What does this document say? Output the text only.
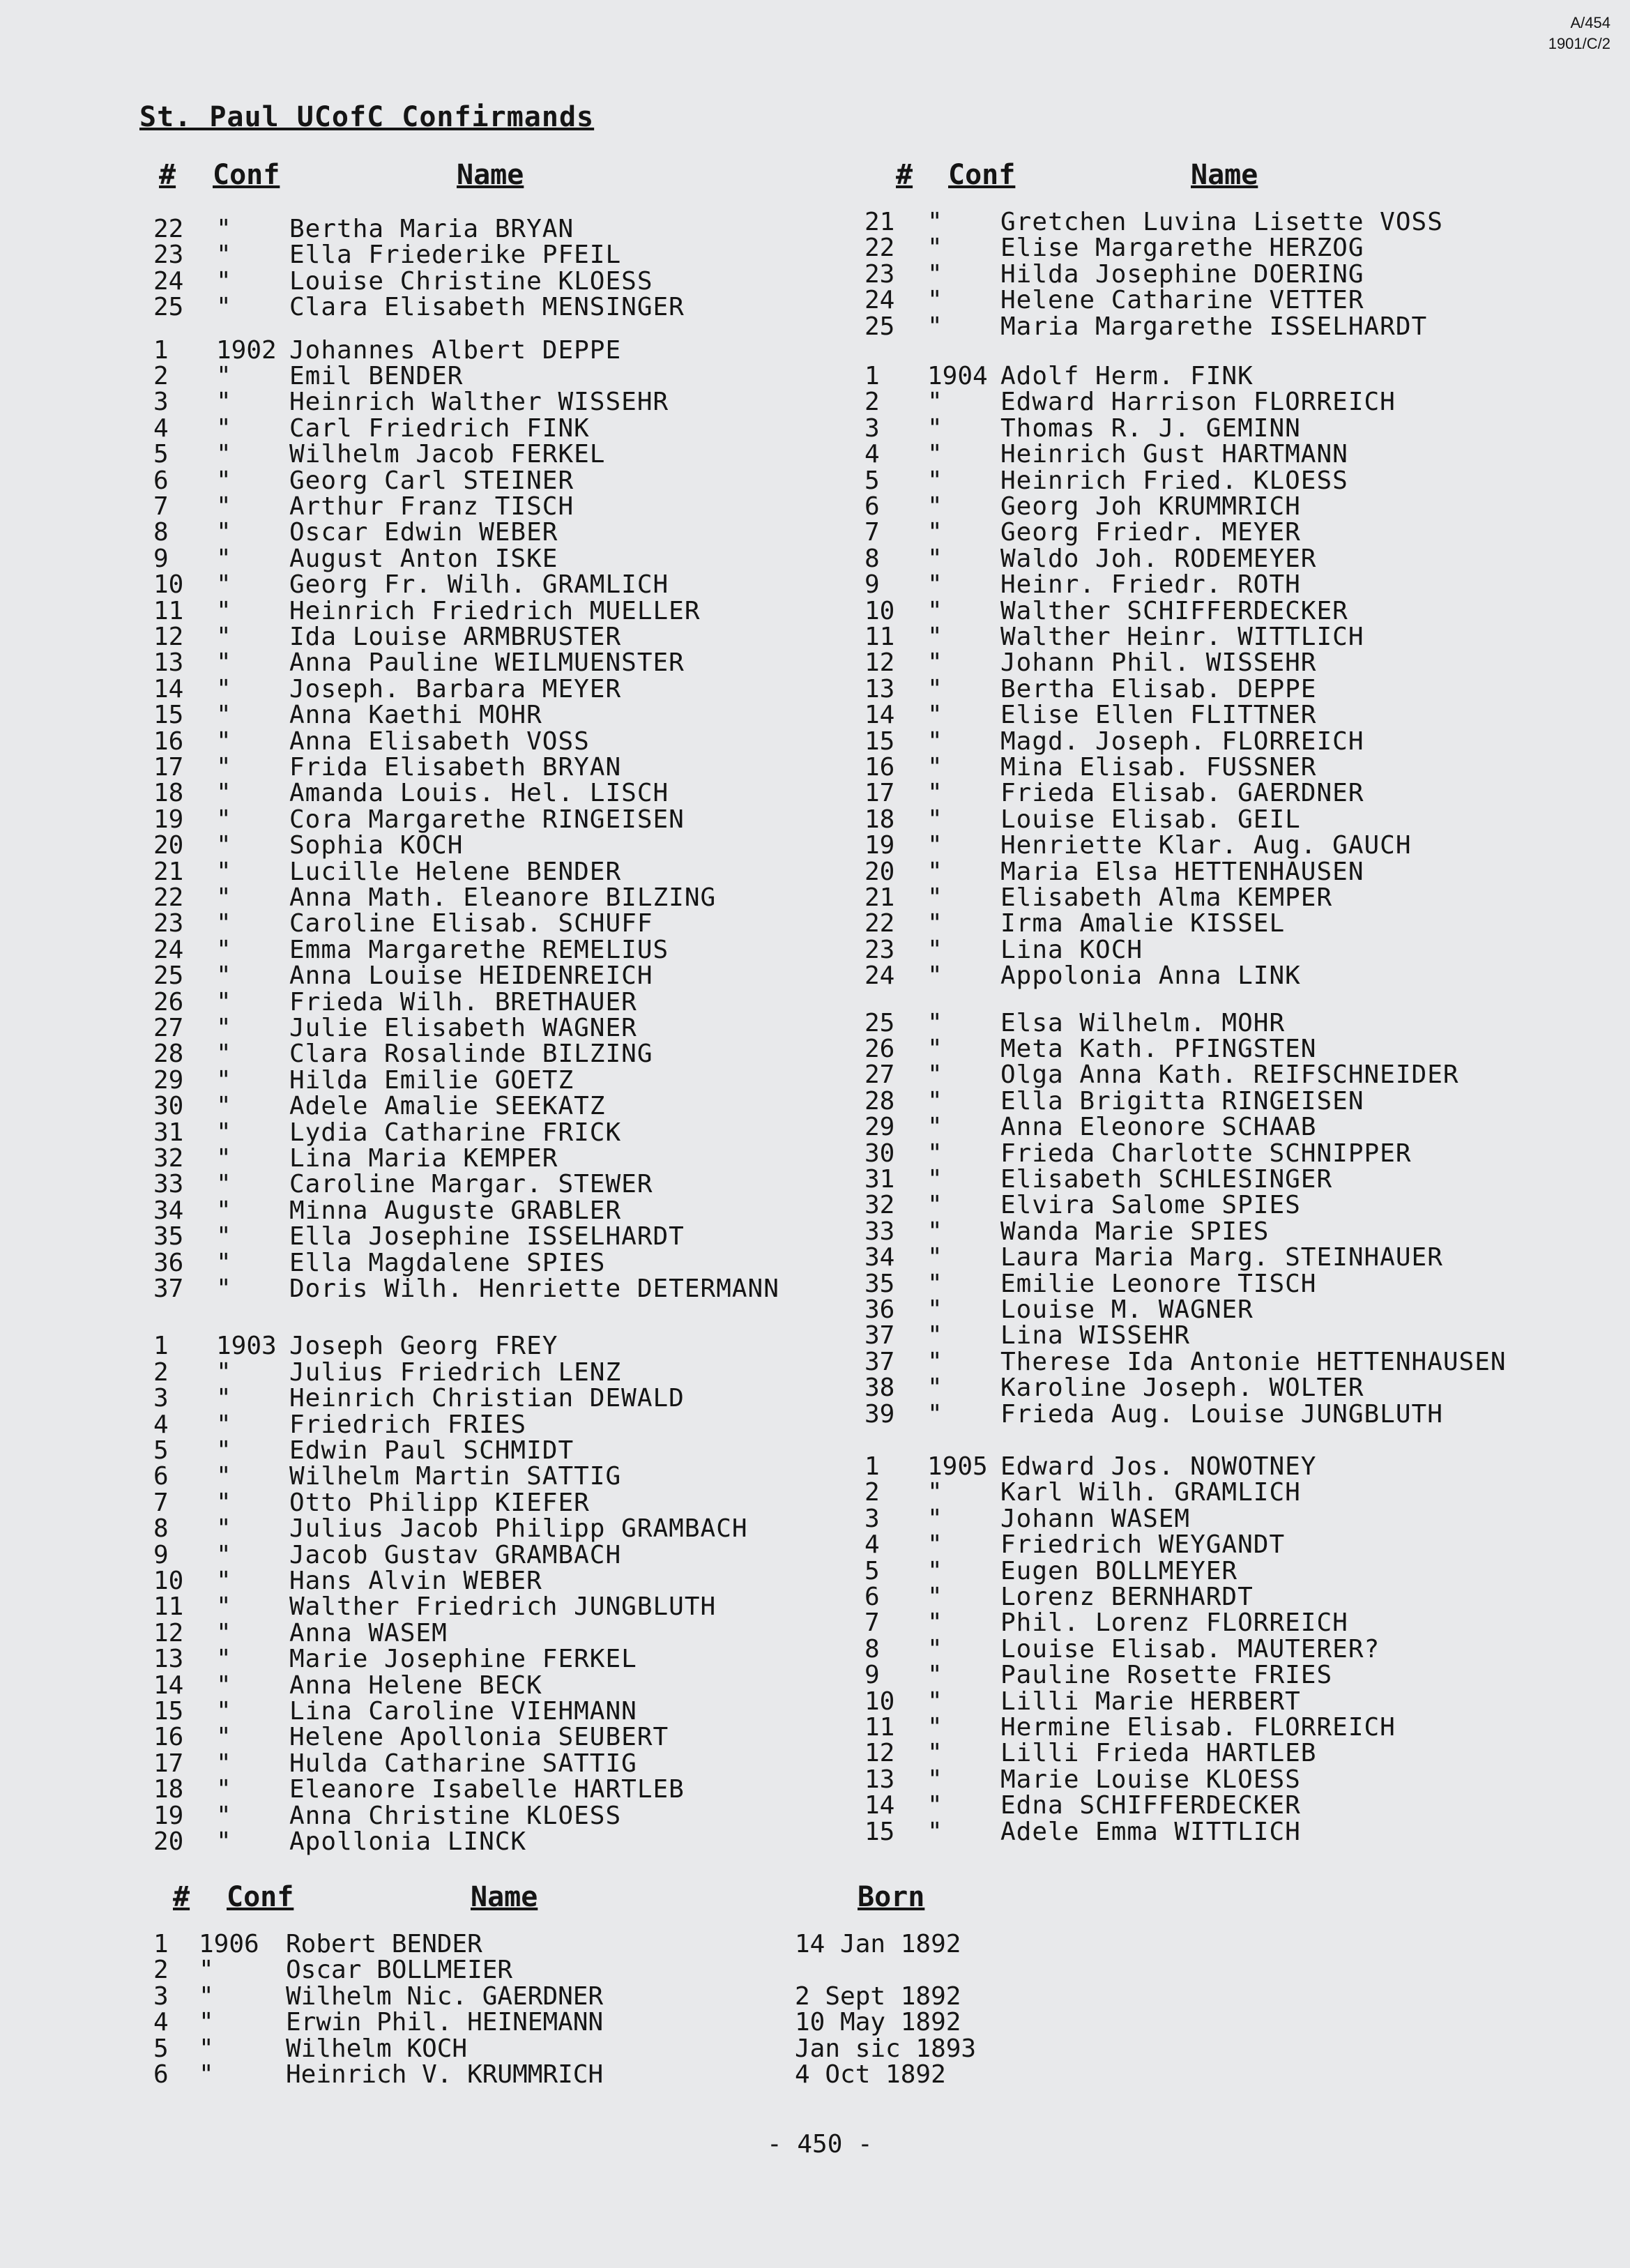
A/454
1901/C/2
St. Paul UCofC Confirmands
# Conf	Name	# Conf	Name
22 " Bertha Maria BRYAN
23 " Ella Friederike PFEIL
24 " Louise Christine KLOESS
25 " Clara Elisabeth MENSINGER
1 1902 Johannes Albert DEPPE
2 " Emil BENDER
3 " Heinrich Walther WISSEHR
4 " Carl Friedrich FINK
5 " Wilhelm Jacob FERKEL
6 " Georg Carl STEINER
7 " Arthur Franz TISCH
8 " Oscar Edwin WEBER
9 " August Anton ISKE
10 " Georg Fr. Wilh. GRAMLICH
11 " Heinrich Friedrich MUELLER
12 " Ida Louise ARMBRUSTER
13 " Anna Pauline WEILMUENSTER
14 " Joseph. Barbara MEYER
15 " Anna Kaethi MOHR
16 " Anna Elisabeth VOSS
17 " Frida Elisabeth BRYAN
18 " Amanda Louis. Hel. LISCH
19 " Cora Margarethe RINGEISEN
20 " Sophia KOCH
21 " Lucille Helene BENDER
22 " Anna Math. Eleanore BILZING
23 " Caroline Elisab. SCHUFF
24 " Emma Margarethe REMELIUS
25 " Anna Louise HEIDENREICH
26 " Frieda Wilh. BRETHAUER
27 " Julie Elisabeth WAGNER
28 " Clara Rosalinde BILZING
29 " Hilda Emilie GOETZ
30 " Adele Amalie SEEKATZ
31 " Lydia Catharine FRICK
32 " Lina Maria KEMPER
33 " Caroline Margar. STEWER
34 " Minna Auguste GRABLER
35 " Ella Josephine ISSELHARDT
36 " Ella Magdalene SPIES
37 " Doris Wilh. Henriette DETERMANN
1 1903 Joseph Georg FREY
2 " Julius Friedrich LENZ
3 " Heinrich Christian DEWALD
4 " Friedrich FRIES
5 " Edwin Paul SCHMIDT
6 " Wilhelm Martin SATTIG
7 " Otto Philipp KIEFER
8 " Julius Jacob Philipp GRAMBACH
9 " Jacob Gustav GRAMBACH
10 " Hans Alvin WEBER
11 " Walther Friedrich JUNGBLUTH
12 " Anna WASEM
13 " Marie Josephine FERKEL
14 " Anna Helene BECK
15 " Lina Caroline VIEHMANN
16 " Helene Apollonia SEUBERT
17 " Hulda Catharine SATTIG
18 " Eleanore Isabelle HARTLEB
19 " Anna Christine KLOESS
20 " Apollonia LINCK
21 " Gretchen Luvina Lisette VOSS
22 " Elise Margarethe HERZOG
23 " Hilda Josephine DOERING
24 " Helene Catharine VETTER
25 " Maria Margarethe ISSELHARDT
1 1904 Adolf Herm. FINK
2 " Edward Harrison FLORREICH
3 " Thomas R. J. GEMINN
4 " Heinrich Gust HARTMANN
5 " Heinrich Fried. KLOESS
6 " Georg Joh KRUMMRICH
7 " Georg Friedr. MEYER
8 " Waldo Joh. RODEMEYER
9 " Heinr. Friedr. ROTH
10 " Walther SCHIFFERDECKER
11 " Walther Heinr. WITTLICH
12 " Johann Phil. WISSEHR
13 " Bertha Elisab. DEPPE
14 " Elise Ellen FLITTNER
15 " Magd. Joseph. FLORREICH
16 " Mina Elisab. FUSSNER
17 " Frieda Elisab. GAERDNER
18 " Louise Elisab. GEIL
19 " Henriette Klar. Aug. GAUCH
20 " Maria Elsa HETTENHAUSEN
21 " Elisabeth Alma KEMPER
22 " Irma Amalie KISSEL
23 " Lina KOCH
24 " Appolonia Anna LINK
25 " Elsa Wilhelm. MOHR
26 " Meta Kath. PFINGSTEN
27 " Olga Anna Kath. REIFSCHNEIDER
28 " Ella Brigitta RINGEISEN
29 " Anna Eleonore SCHAAB
30 " Frieda Charlotte SCHNIPPER
31 " Elisabeth SCHLESINGER
32 " Elvira Salome SPIES
33 " Wanda Marie SPIES
34 " Laura Maria Marg. STEINHAUER
35 " Emilie Leonore TISCH
36 " Louise M. WAGNER
37 " Lina WISSEHR
37 " Therese Ida Antonie HETTENHAUSEN
38 " Karoline Joseph. WOLTER
39 " Frieda Aug. Louise JUNGBLUTH
1 1905 Edward Jos. NOWOTNEY
2 " Karl Wilh. GRAMLICH
3 " Johann WASEM
4 " Friedrich WEYGANDT
5 " Eugen BOLLMEYER
6 " Lorenz BERNHARDT
7 " Phil. Lorenz FLORREICH
8 " Louise Elisab. MAUTERER?
9 " Pauline Rosette FRIES
10 " Lilli Marie HERBERT
11 " Hermine Elisab. FLORREICH
12 " Lilli Frieda HARTLEB
13 " Marie Louise KLOESS
14 " Edna SCHIFFERDECKER
15 " Adele Emma WITTLICH
# Conf	Name	Born
1 1906 Robert BENDER	14 Jan 1892
2 "	Oscar BOLLMEIER
3 "	Wilhelm Nic. GAERDNER	2 Sept 1892
4 "	Erwin Phil. HEINEMANN	10 May 1892
5 "	Wilhelm KOCH	Jan sic 1893
6 "	Heinrich V. KRUMMRICH	4 Oct 1892
- 450 -
